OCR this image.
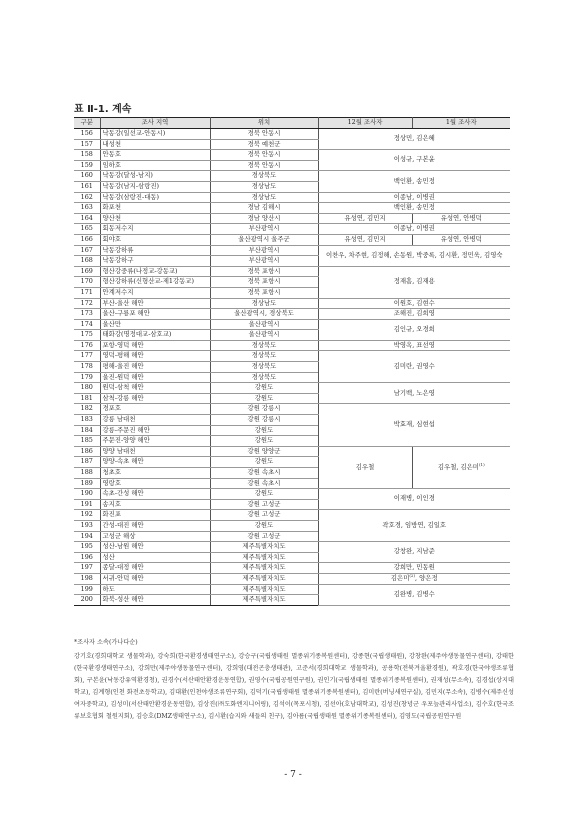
표 Ⅱ-1. 계속
구분	조사 지역	위치	12월 조사자	1월 조사자
156	낙동강(일선교-안동시)	경북 안동시	정상민, 김은혜	
157	내성천	경북 예천군		
158	안동호	경북 안동시	이성규, 구본윤	
159	임하호	경북 안동시		
160	낙동강(달성-남지)	경상북도	백인환, 송민정	
161	낙동강(남지-삼랑진)	경상남도		
162	낙동강(삼랑진-대동)	경상남도	이종남, 이병권	
163	화포천	경남 김해시	백인환, 송민정	
164	양산천	경남 양산시	유성연, 김민지	유성연, 안병덕
165	회동저수지	부산광역시	이종남, 이병권	
166	회야호	울산광역시 울주군	유성연, 김민지	유성연, 안병덕
167	낙동강하류	부산광역시	이찬우, 차주현, 김정해, 손동원, 박중록, 김시환, 정민욱, 김영숙	
168	낙동강하구	부산광역시		
169	형산강중류(나정교-강동교)	경북 포항시	정재흠, 김재용	
170	형산강하류(신형산교-제1강동교)	경북 포항시		
171	안계저수지	경북 포항시		
172	부산-울산 해안	경상남도	이원호, 김현수	
173	울산-구룡포 해안	울산광역시, 경상북도	조해진, 김희영	
174	울산만	울산광역시	김인규, 오경희	
175	태화강(명정대교-삼호교)	울산광역시		
176	포항-영덕 해안	경상북도	박영옥, 표선영	
177	영덕-평해 해안	경상북도	김미란, 권영수	
178	평해-울진 해안	경상북도		
179	울진-원덕 해안	경상북도		
180	원덕-삼척 해안	강원도	남기백, 노은영	
181	삼척-강릉 해안	강원도		
182	경포호	강원 강릉시	박효재, 심현섭	
183	강릉 남대천	강원 강릉시		
184	강릉-주문진 해안	강원도		
185	주문진-양양 해안	강원도		
186	양양 남대천	강원 양양군	김우철	김우철, 김은미$^{(1)}$
187	양양-속초 해안	강원도		
188	청초호	강원 속초시		
189	영랑호	강원 속초시		
190	속초-간성 해안	강원도	이재병, 이인경	
191	송지호	강원 고성군		
192	화진포	강원 고성군	곽호경, 임방연, 김일호	
193	간성-대진 해안	강원도		
194	고성군 해상	강원 고성군		
195	성산-남원 해안	제주특별자치도	강창완, 지남준	
196	성산	제주특별자치도		
197	종달-대정 해안	제주특별자치도	강희만, 민동원	
198	서귀-안덕 해안	제주특별자치도	김은미$^{(2)}$, 양은정	
199	하도	제주특별자치도	김완병, 김병수	
200	화북-성산 해안	제주특별자치도		
*조사자 소속(가나다순)
강기호(경희대학교 생물학과), 강숙희(한국환경생태연구소), 강승구(국립생태원 멸종위기종복원센터), 강종현(국립생태원), 강창완(제주야생동물연구센터), 강태한(한국환경생태연구소), 강희만(제주야생동물연구센터), 강희영(대전곤충생태관), 고준서(경희대학교 생물학과), 공용학(전북겨울환경원), 곽호경(한국야생조류협회), 구본윤(낙동강유역환경청), 권경수(서산태안환경운동연합), 권영수(국립공원연구원), 권인기(국립생태원 멸종위기종복원센터), 권재성(무소속), 김경섭(상지대학교), 김계형(인천 화전초등학교), 김대환(인천야생조류연구회), 김덕기(국립생태원 멸종위기종복원센터), 김미란(버닝새연구실), 김민지(무소속), 김병수(제주신성여자중학교), 김성미(서산태안환경운동연합), 김상진(㈜도화엔지니어링), 김석이(목포시청), 김선아(호남대학교), 김성진(창녕군 우포늪관리사업소), 김수호(한국조류보호협회 철원지회), 김승호(DMZ생태연구소), 김시환(습지와 새들의 친구), 김아름(국립생태원 멸종위기종복원센터), 김영도(국립공원연구원
- 7 -
